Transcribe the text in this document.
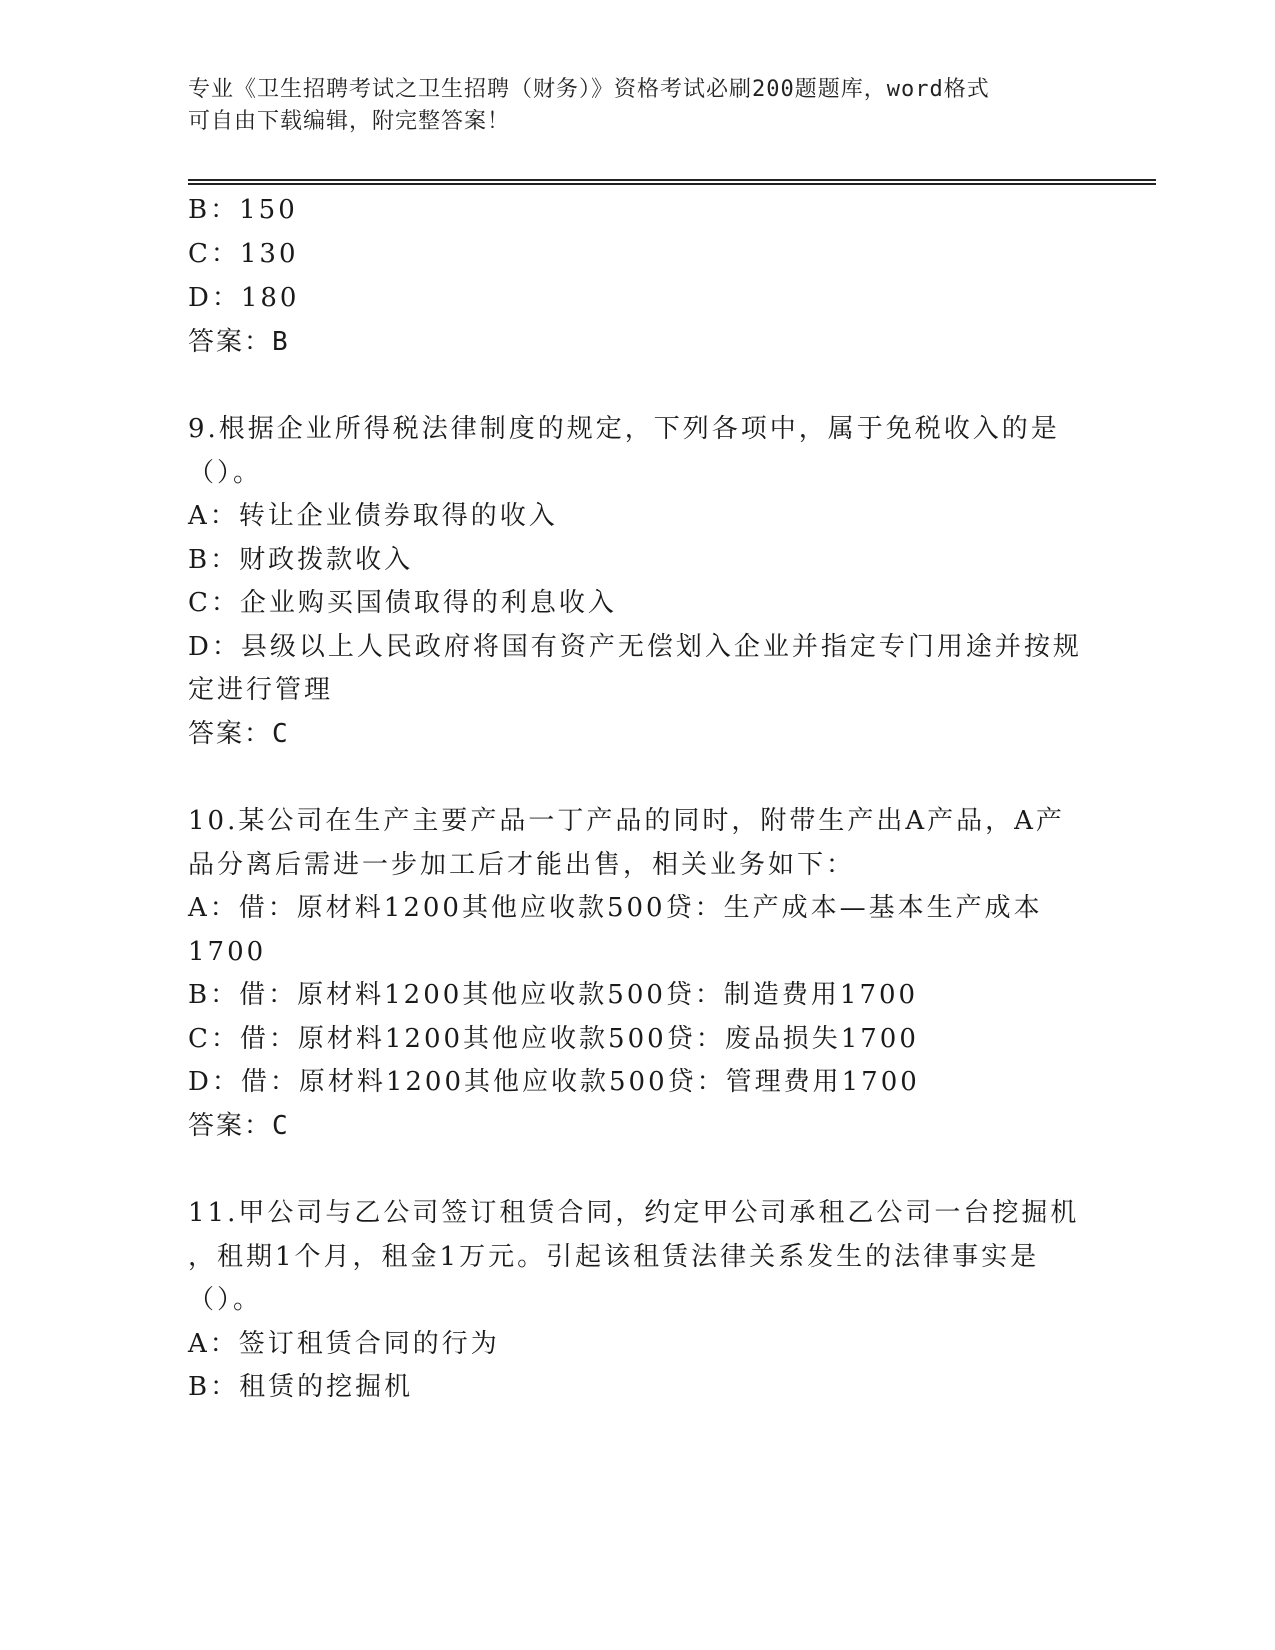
专业《卫生招聘考试之卫生招聘（财务）》资格考试必刷200题题库，word格式
可自由下载编辑，附完整答案！
B：150
C：130
D：180
答案：B
9.根据企业所得税法律制度的规定，下列各项中，属于免税收入的是
（）。
A：转让企业债券取得的收入
B：财政拨款收入
C：企业购买国债取得的利息收入
D：县级以上人民政府将国有资产无偿划入企业并指定专门用途并按规
定进行管理
答案：C
10.某公司在生产主要产品一丁产品的同时，附带生产出A产品，A产
品分离后需进一步加工后才能出售，相关业务如下：
A：借：原材料1200其他应收款500贷：生产成本—基本生产成本
1700
B：借：原材料1200其他应收款500贷：制造费用1700
C：借：原材料1200其他应收款500贷：废品损失1700
D：借：原材料1200其他应收款500贷：管理费用1700
答案：C
11.甲公司与乙公司签订租赁合同，约定甲公司承租乙公司一台挖掘机
，租期1个月，租金1万元。引起该租赁法律关系发生的法律事实是
（）。
A：签订租赁合同的行为
B：租赁的挖掘机
